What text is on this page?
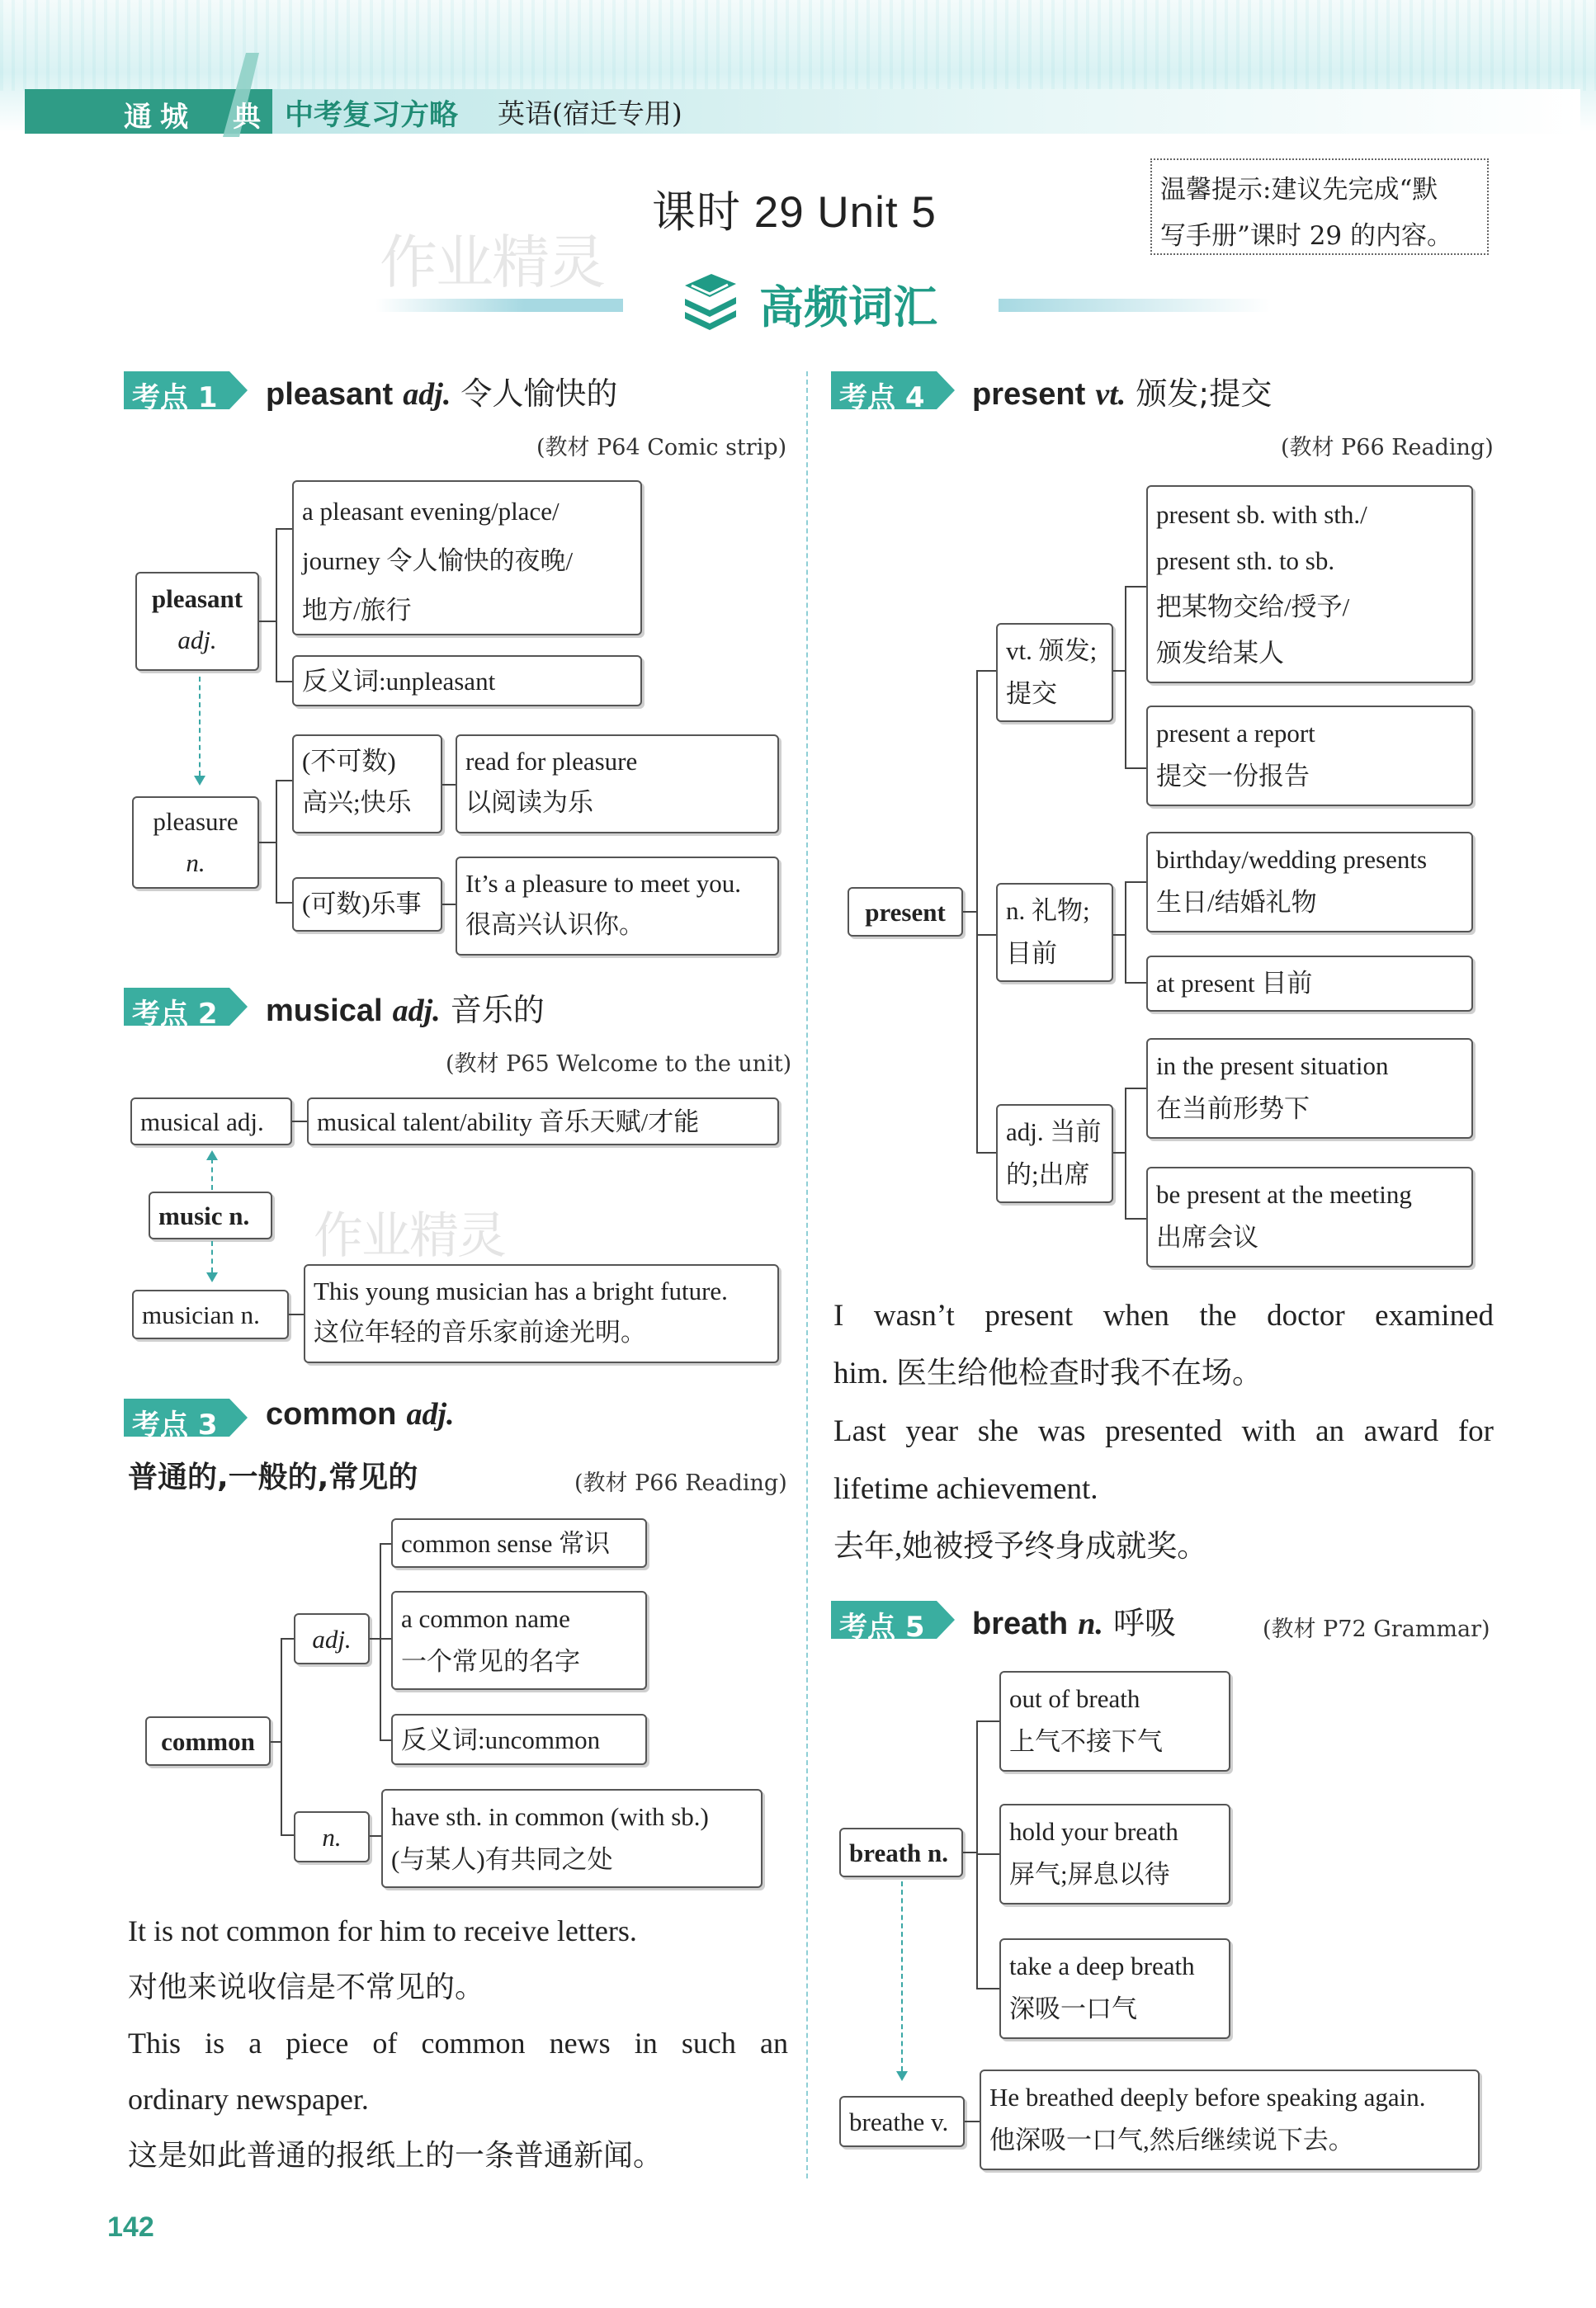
通城 典 中考复习方略 英语(宿迁专用)
课时 29 Unit 5	温馨提示:建议先完成“默
写手册”课时 29 的内容。
作业精灵
高频词汇
考点 1 pleasant adj. 令人愉快的
(教材 P64 Comic strip)
pleasant
adj.
a pleasant evening/place/
journey 令人愉快的夜晚/
地方/旅行
反义词:unpleasant
pleasure
n.
(不可数)
高兴;快乐
read for pleasure
以阅读为乐
(可数)乐事
It’s a pleasure to meet you.
很高兴认识你。
考点 2 musical adj. 音乐的
(教材 P65 Welcome to the unit)
musical adj.	musical talent/ability 音乐天赋/才能
music n.
musician n.
This young musician has a bright future.
这位年轻的音乐家前途光明。
作业精灵
考点 3 common adj.
普通的,一般的,常见的	(教材 P66 Reading)
common
adj.
common sense 常识
a common name
一个常见的名字
反义词:uncommon
n.
have sth. in common (with sb.)
(与某人)有共同之处
It is not common for him to receive letters.
对他来说收信是不常见的。
This is a piece of common news in such an
ordinary newspaper.
这是如此普通的报纸上的一条普通新闻。
考点 4 present vt. 颁发;提交
(教材 P66 Reading)
present
vt. 颁发;
提交
present sb. with sth./
present sth. to sb.
把某物交给/授予/
颁发给某人
present a report
提交一份报告
n. 礼物;
目前
birthday/wedding presents
生日/结婚礼物
at present 目前
adj. 当前
的;出席
in the present situation
在当前形势下
be present at the meeting
出席会议
I wasn’t present when the doctor examined
him. 医生给他检查时我不在场。
Last year she was presented with an award for
lifetime achievement.
去年,她被授予终身成就奖。
考点 5 breath n. 呼吸	(教材 P72 Grammar)
breath n.
out of breath
上气不接下气
hold your breath
屏气;屏息以待
take a deep breath
深吸一口气
breathe v.
He breathed deeply before speaking again.
他深吸一口气,然后继续说下去。
142
